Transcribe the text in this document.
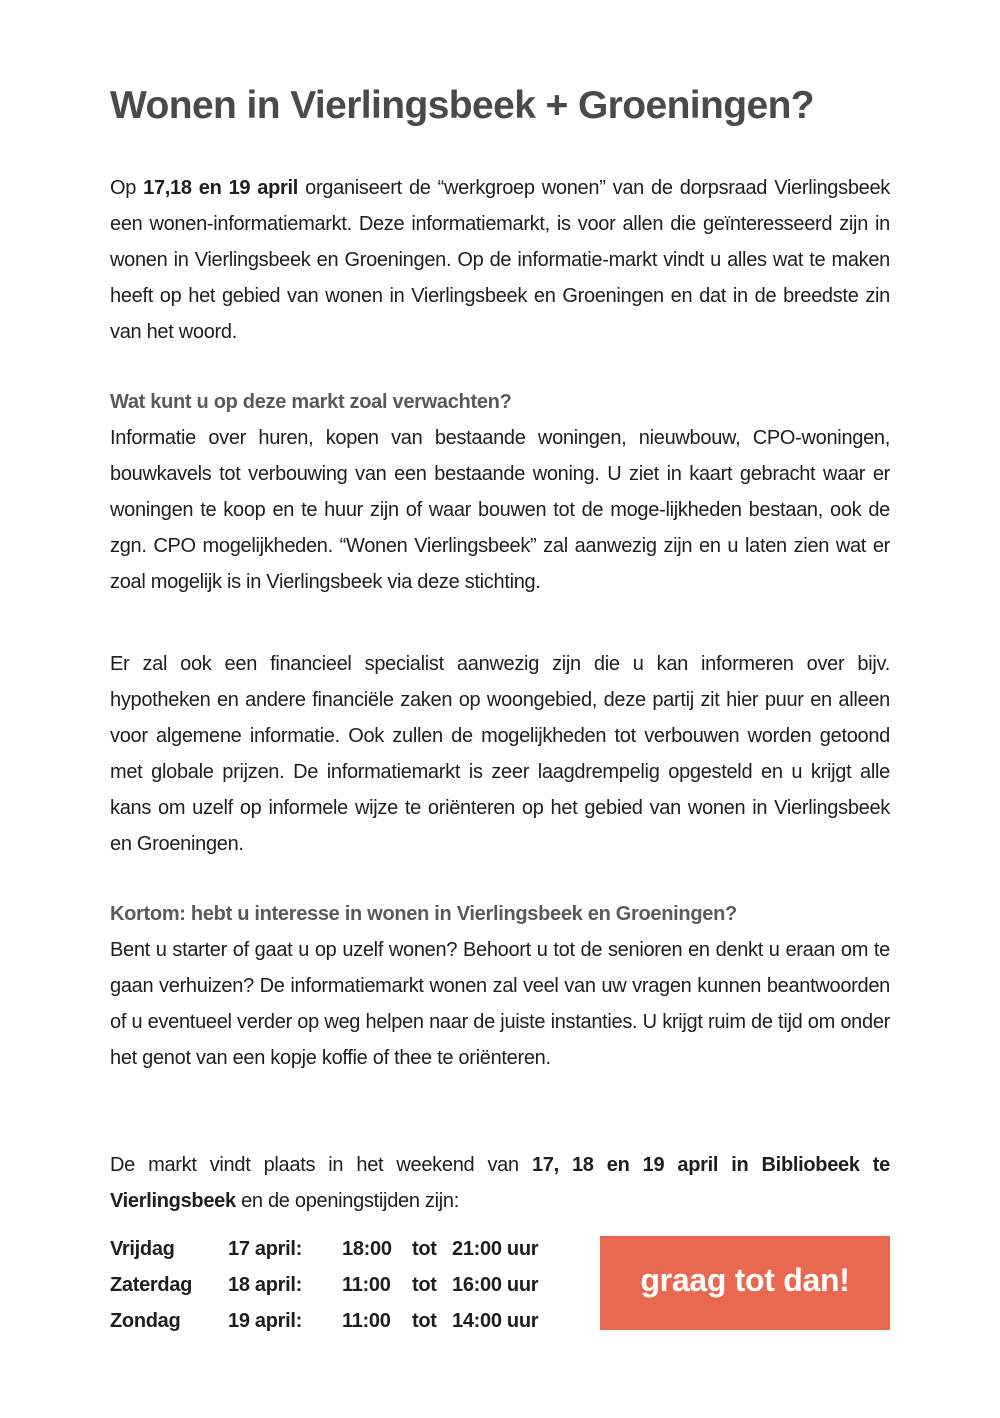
Wonen in Vierlingsbeek + Groeningen?

Op 17,18 en 19 april organiseert de “werkgroep wonen” van de dorpsraad Vierlingsbeek een wonen-informatiemarkt. Deze informatiemarkt, is voor allen die geïnteresseerd zijn in wonen in Vierlingsbeek en Groeningen. Op de informatie-markt vindt u alles wat te maken heeft op het gebied van wonen in Vierlingsbeek en Groeningen en dat in de breedste zin van het woord.

Wat kunt u op deze markt zoal verwachten?

Informatie over huren, kopen van bestaande woningen, nieuwbouw, CPO-woningen, bouwkavels tot verbouwing van een bestaande woning. U ziet in kaart gebracht waar er woningen te koop en te huur zijn of waar bouwen tot de moge-lijkheden bestaan, ook de zgn. CPO mogelijkheden. “Wonen Vierlingsbeek” zal aanwezig zijn en u laten zien wat er zoal mogelijk is in Vierlingsbeek via deze stichting.

Er zal ook een financieel specialist aanwezig zijn die u kan informeren over bijv. hypotheken en andere financiële zaken op woongebied, deze partij zit hier puur en alleen voor algemene informatie. Ook zullen de mogelijkheden tot verbouwen worden getoond met globale prijzen. De informatiemarkt is zeer laagdrempelig opgesteld en u krijgt alle kans om uzelf op informele wijze te oriënteren op het gebied van wonen in Vierlingsbeek en Groeningen.

Kortom: hebt u interesse in wonen in Vierlingsbeek en Groeningen?

Bent u starter of gaat u op uzelf wonen? Behoort u tot de senioren en denkt u eraan om te gaan verhuizen? De informatiemarkt wonen zal veel van uw vragen kunnen beantwoorden of u eventueel verder op weg helpen naar de juiste instanties. U krijgt ruim de tijd om onder het genot van een kopje koffie of thee te oriënteren.

De markt vindt plaats in het weekend van 17, 18 en 19 april in Bibliobeek te Vierlingsbeek en de openingstijden zijn:

Vrijdag	17 april:	18:00	tot 21:00 uur
Zaterdag	18 april:	11:00	tot 16:00 uur
Zondag	19 april:	11:00	tot 14:00 uur
graag tot dan!
